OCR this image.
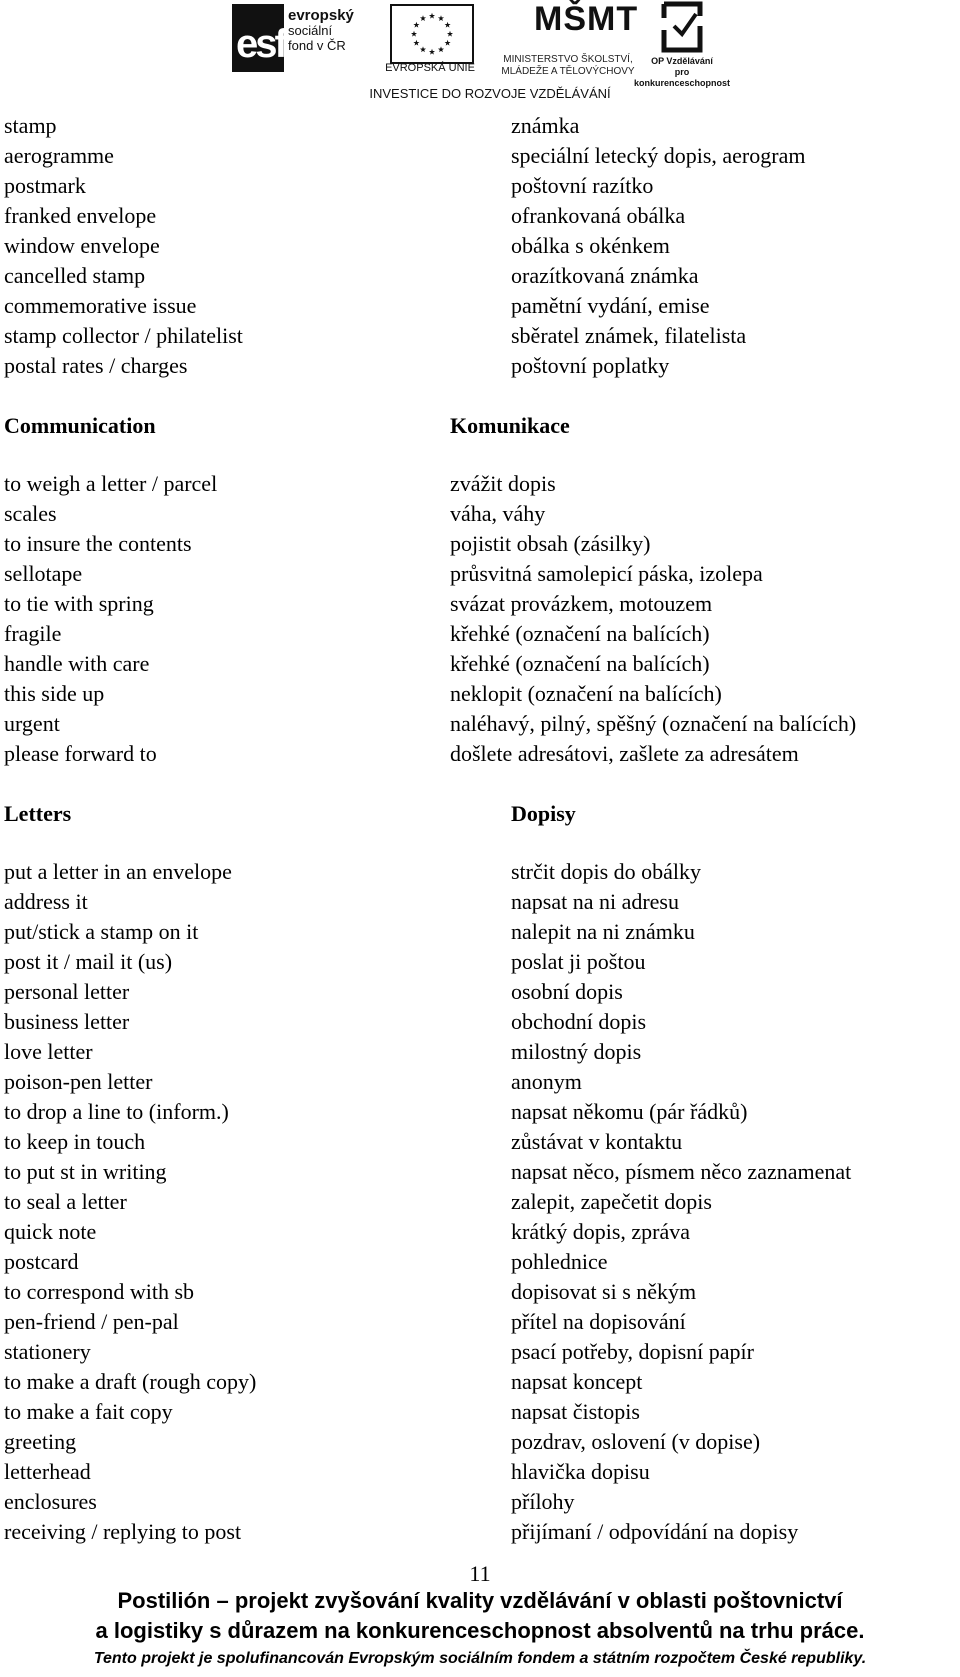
esf
evropský
sociální
fond v ČR
EVROPSKÁ UNIE
MŠMT
MINISTERSTVO ŠKOLSTVÍ,
MLÁDEŽE A TĚLOVÝCHOVY
OP Vzdělávání
pro konkurenceschopnost
INVESTICE DO ROZVOJE VZDĚLÁVÁNÍ
stamp	známka
aerogramme	speciální letecký dopis, aerogram
postmark	poštovní razítko
franked envelope	ofrankovaná obálka
window envelope	obálka s okénkem
cancelled stamp	orazítkovaná známka
commemorative issue	pamětní vydání, emise
stamp collector / philatelist	sběratel známek, filatelista
postal rates / charges	poštovní poplatky
Communication	Komunikace
to weigh a letter / parcel	zvážit dopis
scales	váha, váhy
to insure the contents	pojistit obsah (zásilky)
sellotape	průsvitná samolepicí páska, izolepa
to tie with spring	svázat provázkem, motouzem
fragile	křehké (označení na balících)
handle with care	křehké (označení na balících)
this side up	neklopit (označení na balících)
urgent	naléhavý, pilný, spěšný (označení na balících)
please forward to	došlete adresátovi, zašlete za adresátem
Letters	Dopisy
put a letter in an envelope	strčit dopis do obálky
address it	napsat na ni adresu
put/stick a stamp on it	nalepit na ni známku
post it / mail it (us)	poslat ji poštou
personal letter	osobní dopis
business letter	obchodní dopis
love letter	milostný dopis
poison-pen letter	anonym
to drop a line to (inform.)	napsat někomu (pár řádků)
to keep in touch	zůstávat v kontaktu
to put st in writing	napsat něco, písmem něco zaznamenat
to seal a letter	zalepit, zapečetit dopis
quick note	krátký dopis, zpráva
postcard	pohlednice
to correspond with sb	dopisovat si s někým
pen-friend / pen-pal	přítel na dopisování
stationery	psací potřeby, dopisní papír
to make a draft (rough copy)	napsat koncept
to make a fait copy	napsat čistopis
greeting	pozdrav, oslovení (v dopise)
letterhead	hlavička dopisu
enclosures	přílohy
receiving / replying to post	přijímaní / odpovídání na dopisy
11
Postilión – projekt zvyšování kvality vzdělávání v oblasti poštovnictví
a logistiky s důrazem na konkurenceschopnost absolventů na trhu práce.
Tento projekt je spolufinancován Evropským sociálním fondem a státním rozpočtem České republiky.
